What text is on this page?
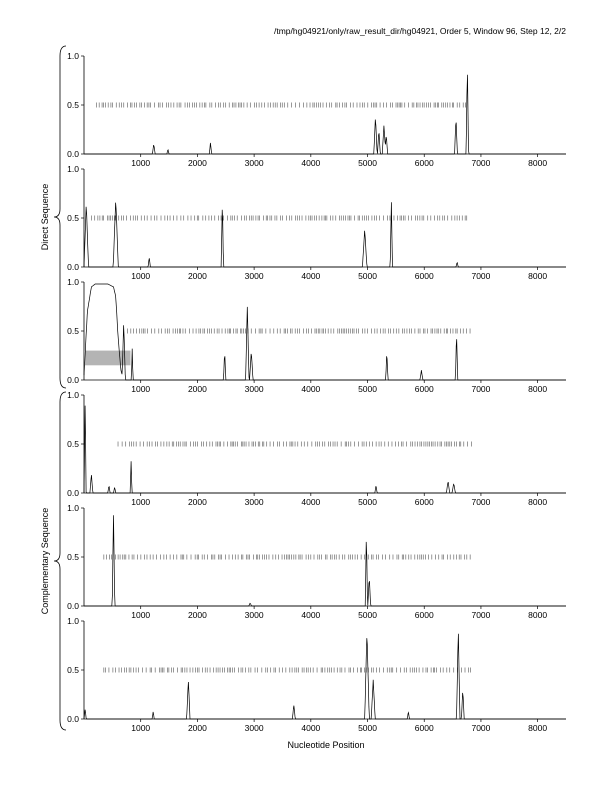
/tmp/hg04921/only/raw_result_dir/hg04921, Order 5, Window 96, Step 12, 2/2
0.0
0.5
1.0
1000	2000	3000	4000	5000	6000	7000	8000
0.0
0.5
1.0
1000	2000	3000	4000	5000	6000	7000	8000
0.0
0.5
1.0
1000	2000	3000	4000	5000	6000	7000	8000
0.0
0.5
1.0
1000	2000	3000	4000	5000	6000	7000	8000
0.0
0.5
1.0
1000	2000	3000	4000	5000	6000	7000	8000
0.0
0.5
1.0
1000	2000	3000	4000	5000	6000	7000	8000
Nucleotide Position
Direct Sequence
Complementary Sequence
